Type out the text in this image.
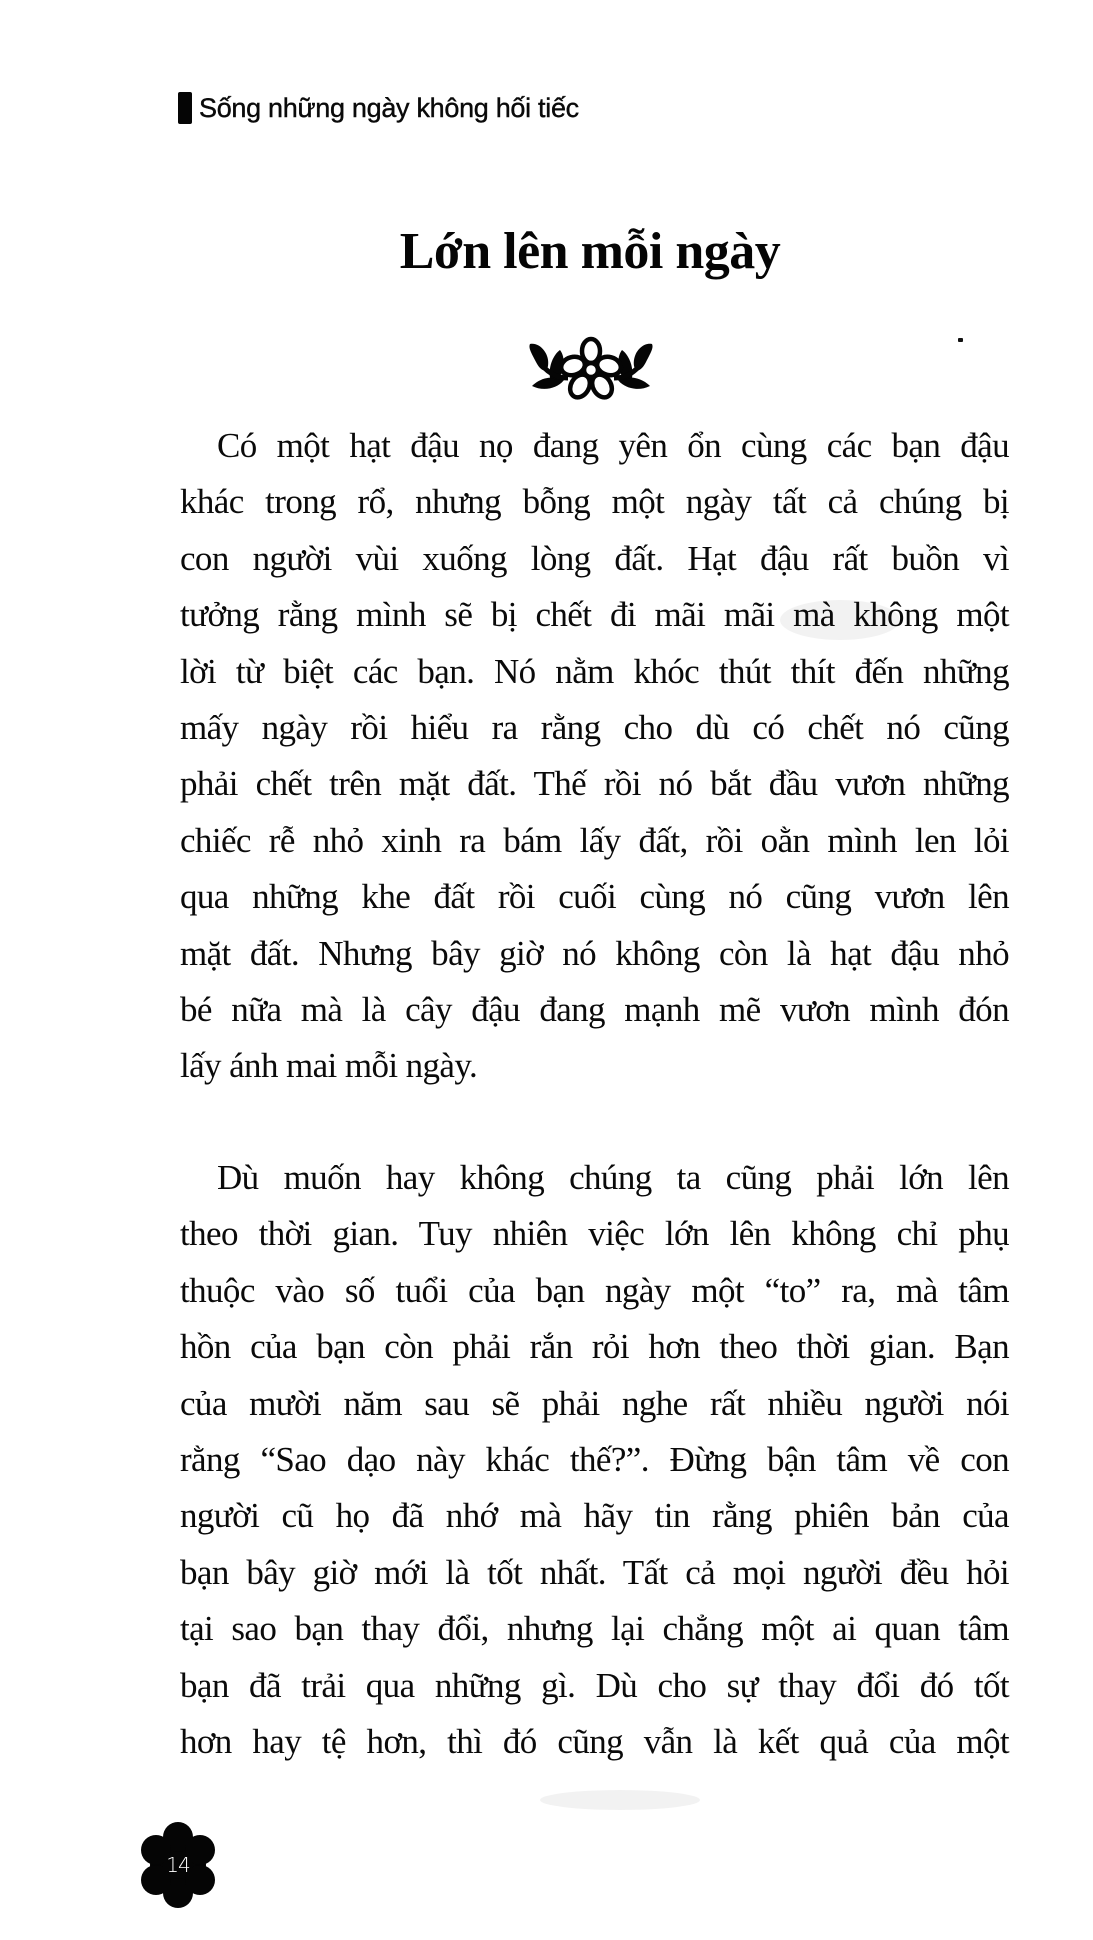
Sống những ngày không hối tiếc
Lớn lên mỗi ngày
Có một hạt đậu nọ đang yên ổn cùng các bạn đậu
khác trong rổ, nhưng bỗng một ngày tất cả chúng bị
con người vùi xuống lòng đất. Hạt đậu rất buồn vì
tưởng rằng mình sẽ bị chết đi mãi mãi mà không một
lời từ biệt các bạn. Nó nằm khóc thút thít đến những
mấy ngày rồi hiểu ra rằng cho dù có chết nó cũng
phải chết trên mặt đất. Thế rồi nó bắt đầu vươn những
chiếc rễ nhỏ xinh ra bám lấy đất, rồi oằn mình len lỏi
qua những khe đất rồi cuối cùng nó cũng vươn lên
mặt đất. Nhưng bây giờ nó không còn là hạt đậu nhỏ
bé nữa mà là cây đậu đang mạnh mẽ vươn mình đón
lấy ánh mai mỗi ngày.
Dù muốn hay không chúng ta cũng phải lớn lên
theo thời gian. Tuy nhiên việc lớn lên không chỉ phụ
thuộc vào số tuổi của bạn ngày một “to” ra, mà tâm
hồn của bạn còn phải rắn rỏi hơn theo thời gian. Bạn
của mười năm sau sẽ phải nghe rất nhiều người nói
rằng “Sao dạo này khác thế?”. Đừng bận tâm về con
người cũ họ đã nhớ mà hãy tin rằng phiên bản của
bạn bây giờ mới là tốt nhất. Tất cả mọi người đều hỏi
tại sao bạn thay đổi, nhưng lại chẳng một ai quan tâm
bạn đã trải qua những gì. Dù cho sự thay đổi đó tốt
hơn hay tệ hơn, thì đó cũng vẫn là kết quả của một
14
